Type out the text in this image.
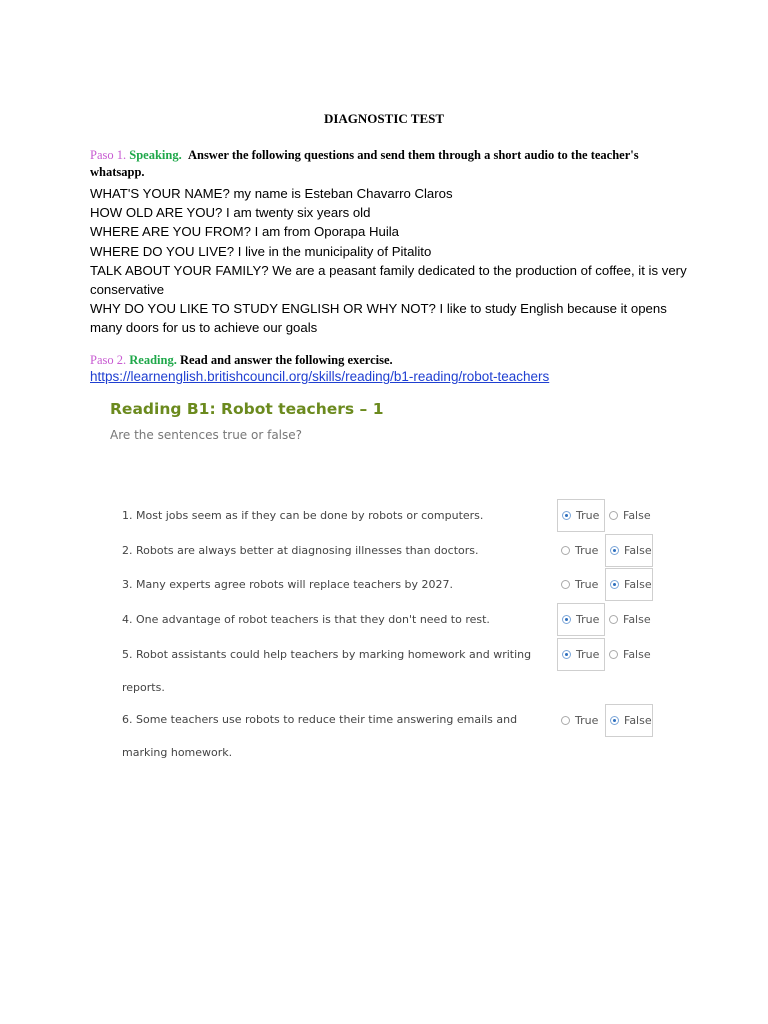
DIAGNOSTIC TEST
Paso 1. Speaking. Answer the following questions and send them through a short audio to the teacher's whatsapp.
WHAT'S YOUR NAME? my name is Esteban Chavarro Claros
HOW OLD ARE YOU? I am twenty six years old
WHERE ARE YOU FROM? I am from Oporapa Huila
WHERE DO YOU LIVE? I live in the municipality of Pitalito
TALK ABOUT YOUR FAMILY? We are a peasant family dedicated to the production of coffee, it is very conservative
WHY DO YOU LIKE TO STUDY ENGLISH OR WHY NOT? I like to study English because it opens many doors for us to achieve our goals
Paso 2. Reading. Read and answer the following exercise.
https://learnenglish.britishcouncil.org/skills/reading/b1-reading/robot-teachers
Reading B1: Robot teachers – 1
Are the sentences true or false?
1. Most jobs seem as if they can be done by robots or computers.	True False
2. Robots are always better at diagnosing illnesses than doctors.	True False
3. Many experts agree robots will replace teachers by 2027.	True False
4. One advantage of robot teachers is that they don't need to rest.	True False
5. Robot assistants could help teachers by marking homework and writing
reports.
True False
6. Some teachers use robots to reduce their time answering emails and
marking homework.
True False
